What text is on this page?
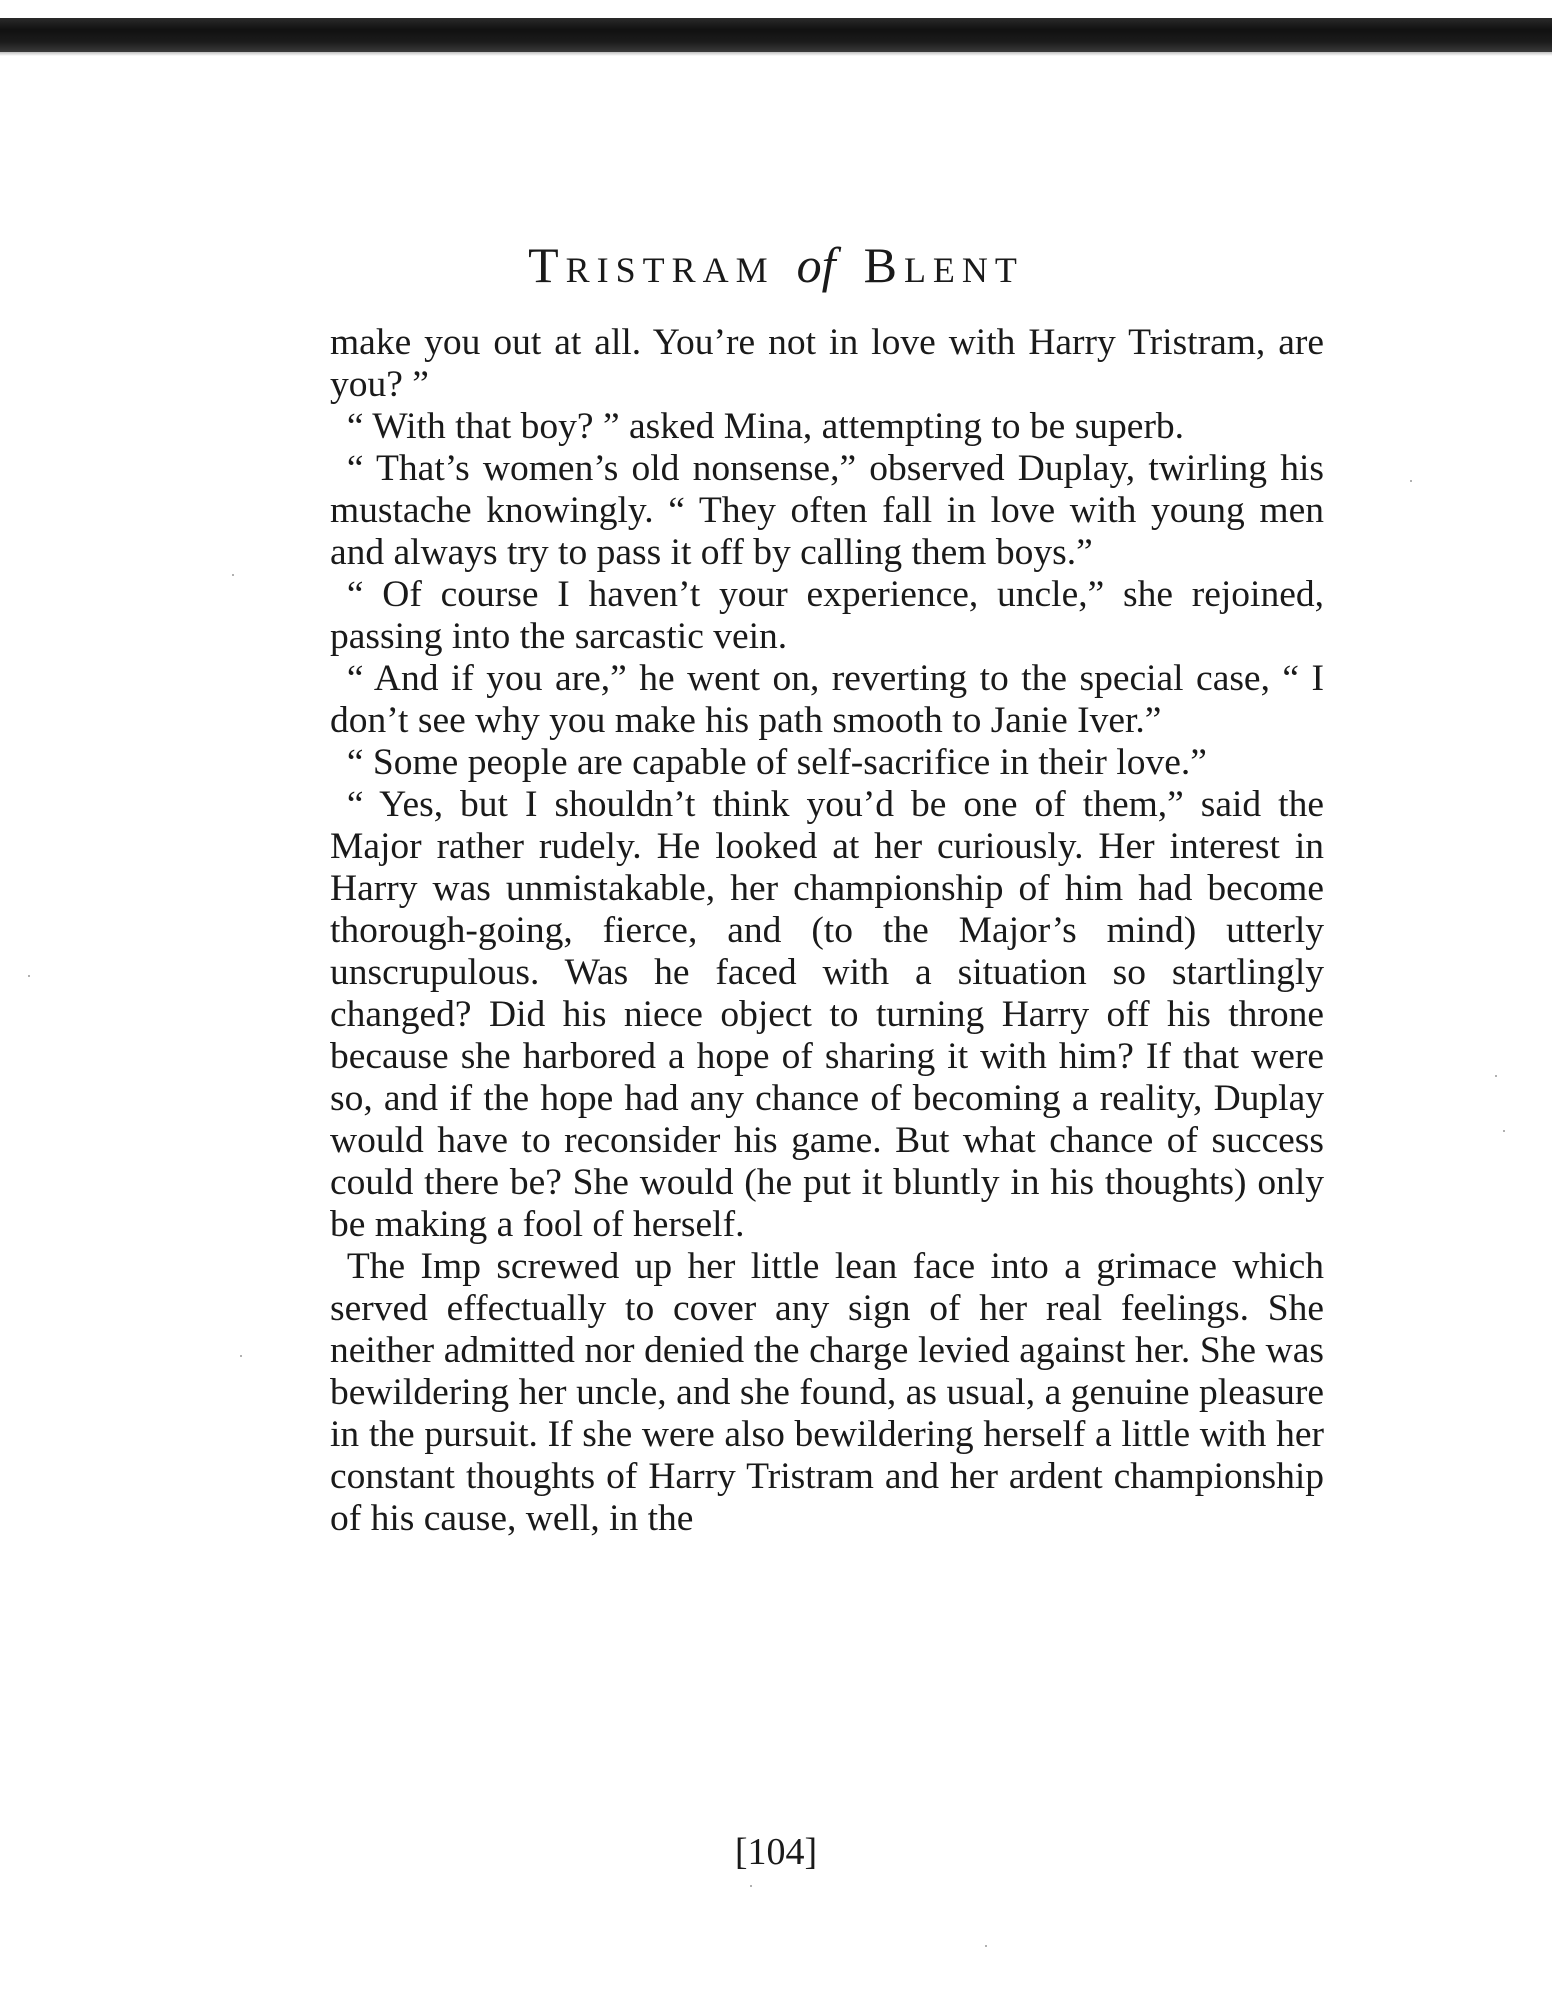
TRISTRAM of BLENT

make you out at all. You’re not in love with Harry Tristram, are you? ”

“ With that boy? ” asked Mina, attempting to be superb.

“ That’s women’s old nonsense,” observed Duplay, twirling his mustache knowingly. “ They often fall in love with young men and always try to pass it off by calling them boys.”

“ Of course I haven’t your experience, uncle,” she rejoined, passing into the sarcastic vein.

“ And if you are,” he went on, reverting to the special case, “ I don’t see why you make his path smooth to Janie Iver.”

“ Some people are capable of self-sacrifice in their love.”

“ Yes, but I shouldn’t think you’d be one of them,” said the Major rather rudely. He looked at her curiously. Her interest in Harry was unmistakable, her championship of him had become thorough-going, fierce, and (to the Major’s mind) utterly unscrupulous. Was he faced with a situation so startlingly changed? Did his niece object to turning Harry off his throne because she harbored a hope of sharing it with him? If that were so, and if the hope had any chance of becoming a reality, Duplay would have to reconsider his game. But what chance of success could there be? She would (he put it bluntly in his thoughts) only be making a fool of herself.

The Imp screwed up her little lean face into a grimace which served effectually to cover any sign of her real feelings. She neither admitted nor denied the charge levied against her. She was bewildering her uncle, and she found, as usual, a genuine pleasure in the pursuit. If she were also bewildering herself a little with her constant thoughts of Harry Tristram and her ardent championship of his cause, well, in the

[104]
